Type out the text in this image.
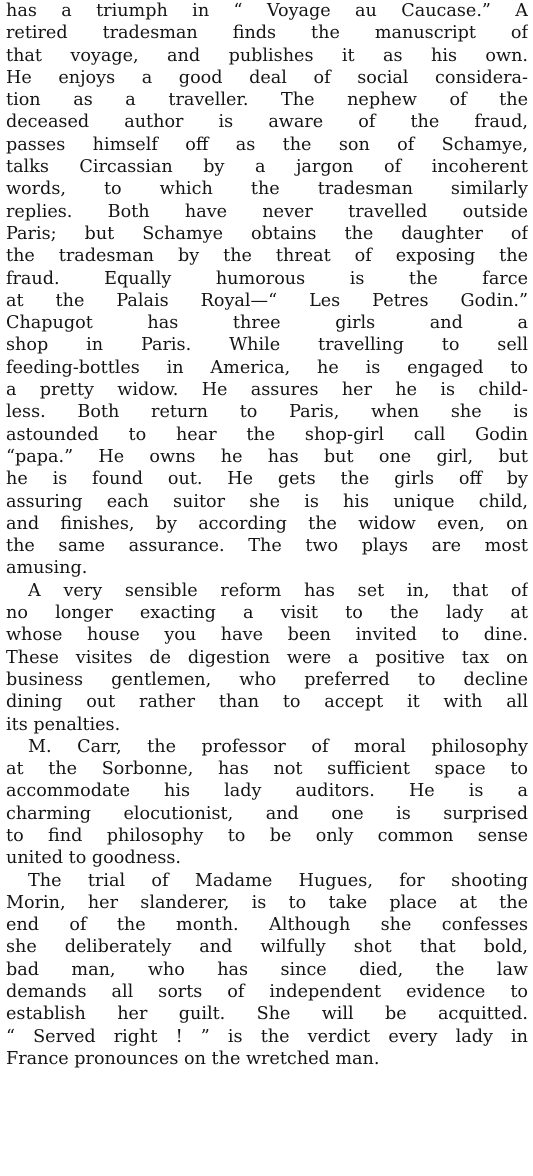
has a triumph in “ Voyage au Caucase.” A
retired tradesman finds the manuscript of
that voyage, and publishes it as his own.
He enjoys a good deal of social considera-
tion as a traveller. The nephew of the
deceased author is aware of the fraud,
passes himself off as the son of Schamye,
talks Circassian by a jargon of incoherent
words, to which the tradesman similarly
replies. Both have never travelled outside
Paris; but Schamye obtains the daughter of
the tradesman by the threat of exposing the
fraud. Equally humorous is the farce
at the Palais Royal—“ Les Petres Godin.”
Chapugot has three girls and a
shop in Paris. While travelling to sell
feeding-bottles in America, he is engaged to
a pretty widow. He assures her he is child-
less. Both return to Paris, when she is
astounded to hear the shop-girl call Godin
“papa.” He owns he has but one girl, but
he is found out. He gets the girls off by
assuring each suitor she is his unique child,
and finishes, by according the widow even, on
the same assurance. The two plays are most
amusing.
A very sensible reform has set in, that of
no longer exacting a visit to the lady at
whose house you have been invited to dine.
These visites de digestion were a positive tax on
business gentlemen, who preferred to decline
dining out rather than to accept it with all
its penalties.
M. Carr, the professor of moral philosophy
at the Sorbonne, has not sufficient space to
accommodate his lady auditors. He is a
charming elocutionist, and one is surprised
to find philosophy to be only common sense
united to goodness.
The trial of Madame Hugues, for shooting
Morin, her slanderer, is to take place at the
end of the month. Although she confesses
she deliberately and wilfully shot that bold,
bad man, who has since died, the law
demands all sorts of independent evidence to
establish her guilt. She will be acquitted.
“ Served right ! ” is the verdict every lady in
France pronounces on the wretched man.
